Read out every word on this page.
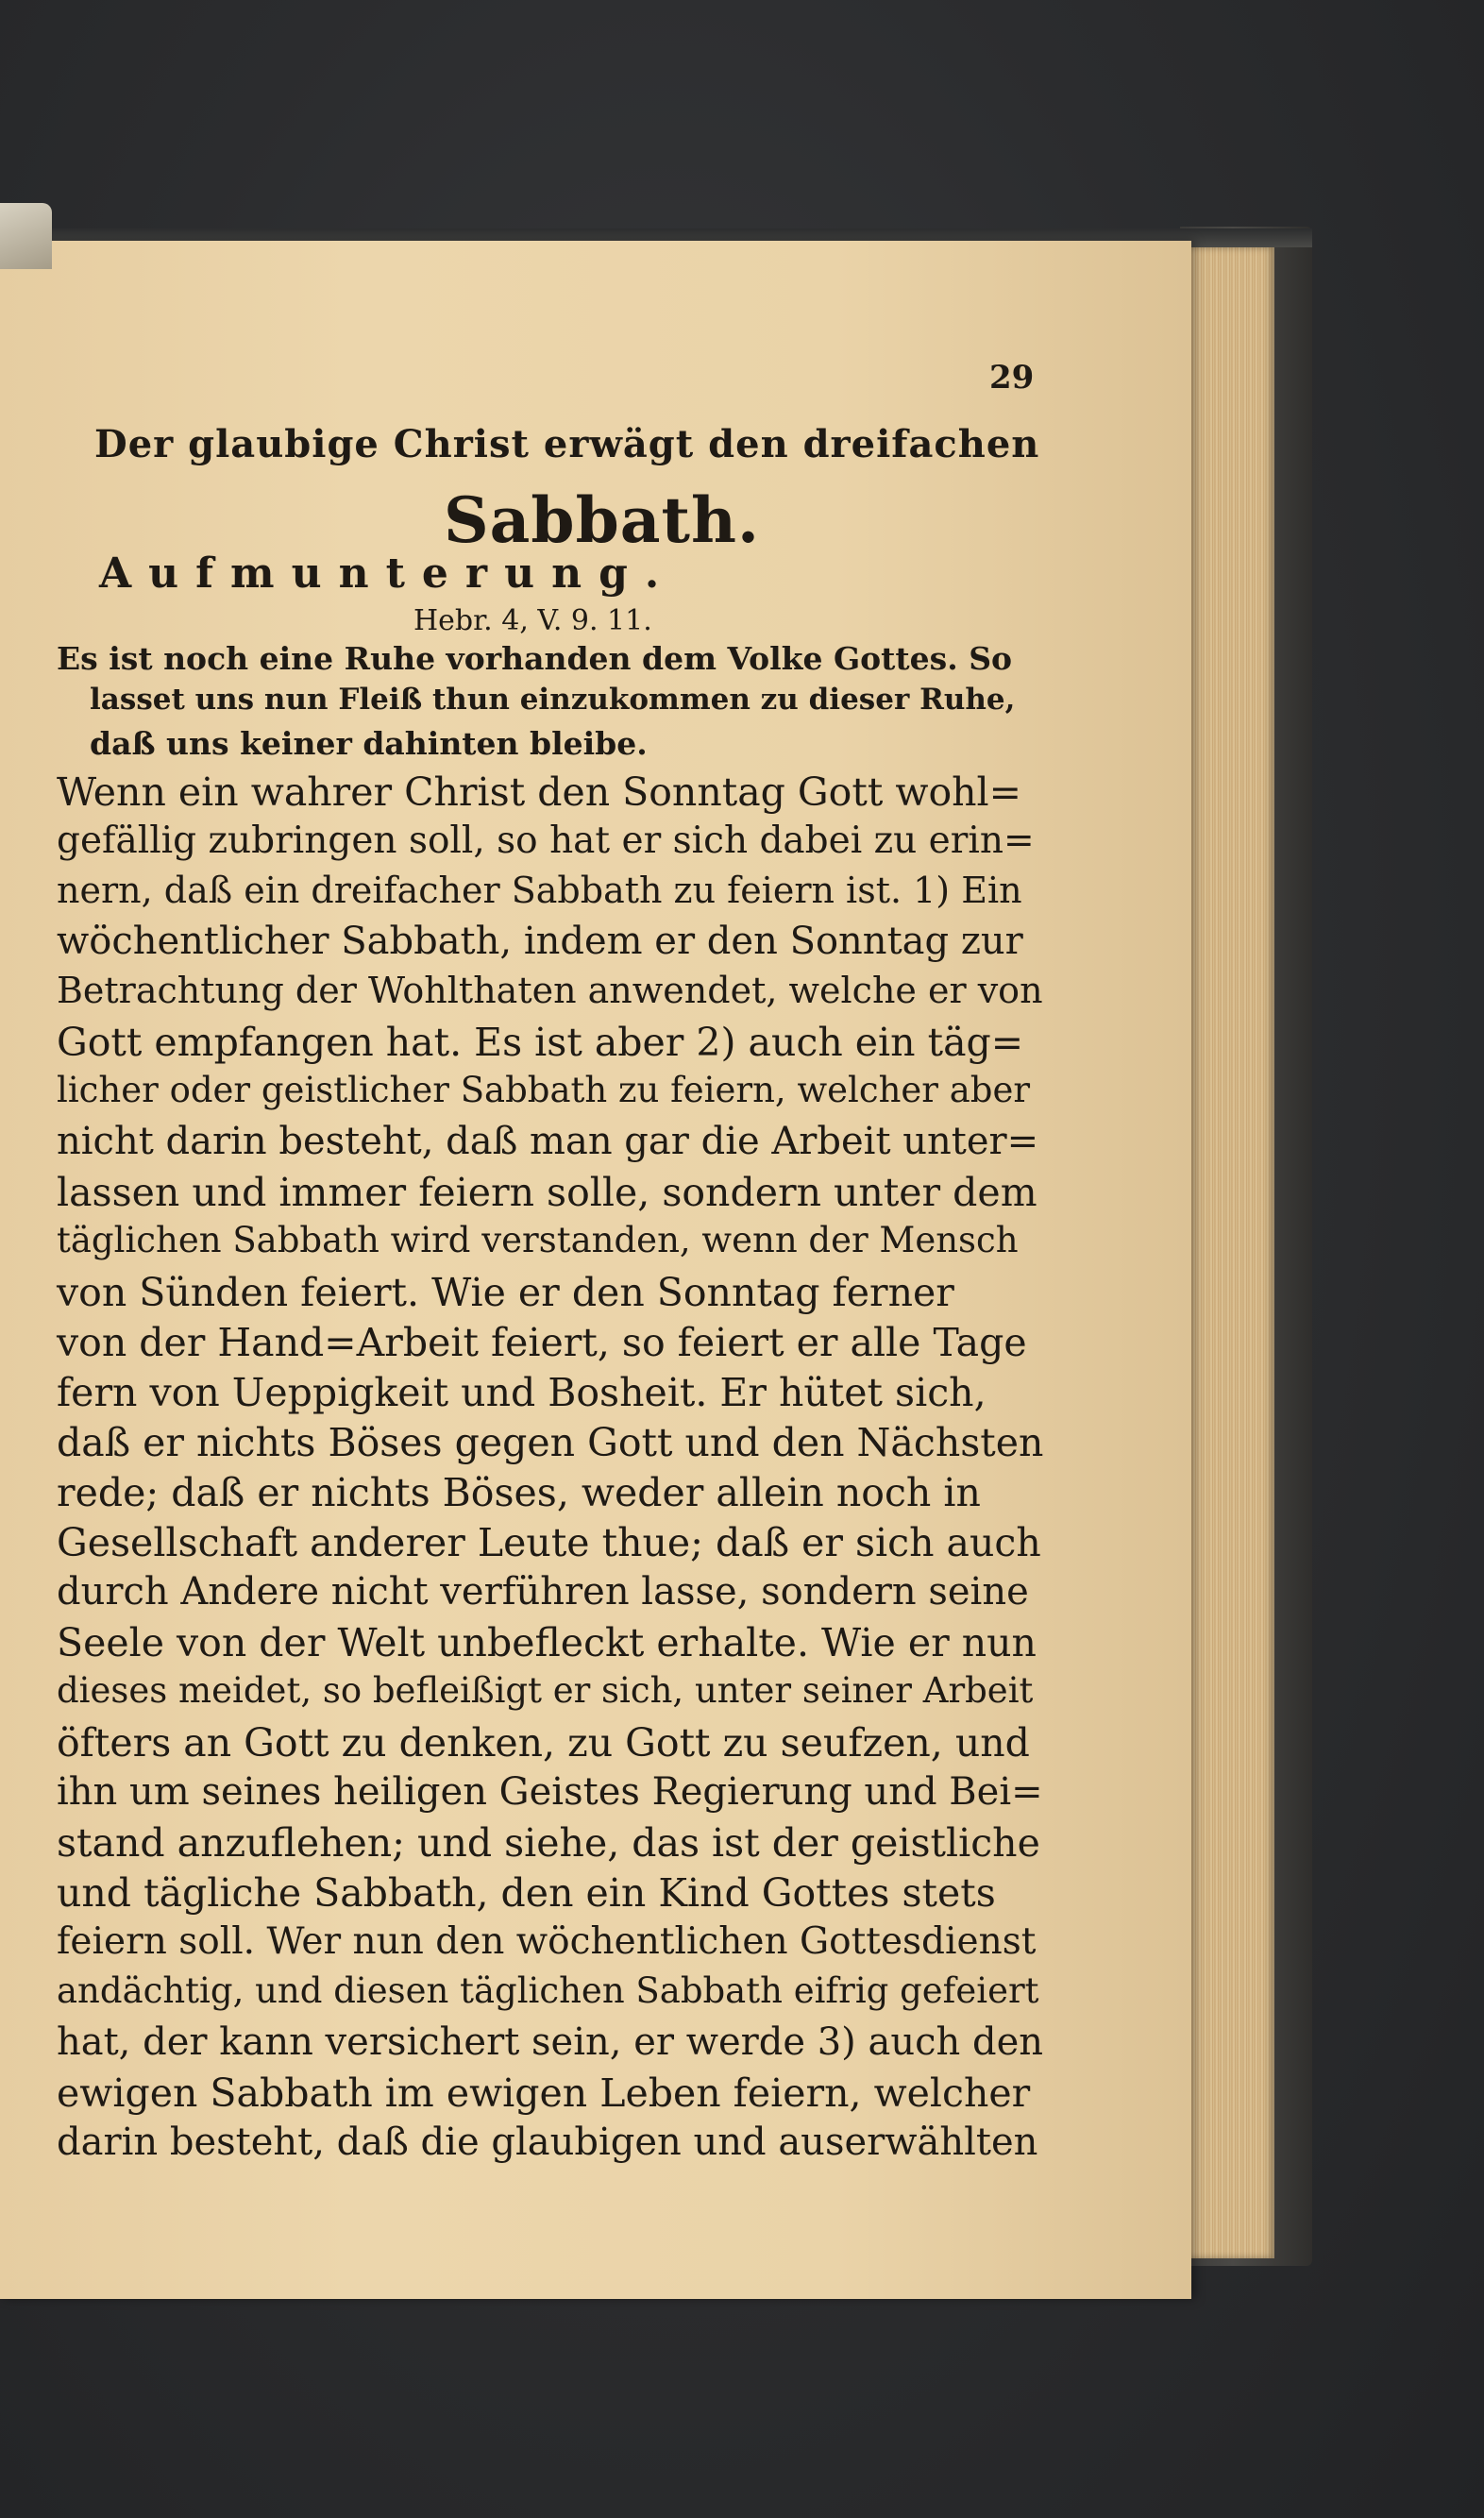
29
Der glaubige Christ erwägt den dreifachen
Sabbath.
Aufmunterung.
Hebr. 4, V. 9. 11.
Es ist noch eine Ruhe vorhanden dem Volke Gottes. So
lasset uns nun Fleiß thun einzukommen zu dieser Ruhe,
daß uns keiner dahinten bleibe.
Wenn ein wahrer Christ den Sonntag Gott wohl=
gefällig zubringen soll, so hat er sich dabei zu erin=
nern, daß ein dreifacher Sabbath zu feiern ist. 1) Ein
wöchentlicher Sabbath, indem er den Sonntag zur
Betrachtung der Wohlthaten anwendet, welche er von
Gott empfangen hat. Es ist aber 2) auch ein täg=
licher oder geistlicher Sabbath zu feiern, welcher aber
nicht darin besteht, daß man gar die Arbeit unter=
lassen und immer feiern solle, sondern unter dem
täglichen Sabbath wird verstanden, wenn der Mensch
von Sünden feiert. Wie er den Sonntag ferner
von der Hand=Arbeit feiert, so feiert er alle Tage
fern von Ueppigkeit und Bosheit. Er hütet sich,
daß er nichts Böses gegen Gott und den Nächsten
rede; daß er nichts Böses, weder allein noch in
Gesellschaft anderer Leute thue; daß er sich auch
durch Andere nicht verführen lasse, sondern seine
Seele von der Welt unbefleckt erhalte. Wie er nun
dieses meidet, so befleißigt er sich, unter seiner Arbeit
öfters an Gott zu denken, zu Gott zu seufzen, und
ihn um seines heiligen Geistes Regierung und Bei=
stand anzuflehen; und siehe, das ist der geistliche
und tägliche Sabbath, den ein Kind Gottes stets
feiern soll. Wer nun den wöchentlichen Gottesdienst
andächtig, und diesen täglichen Sabbath eifrig gefeiert
hat, der kann versichert sein, er werde 3) auch den
ewigen Sabbath im ewigen Leben feiern, welcher
darin besteht, daß die glaubigen und auserwählten
